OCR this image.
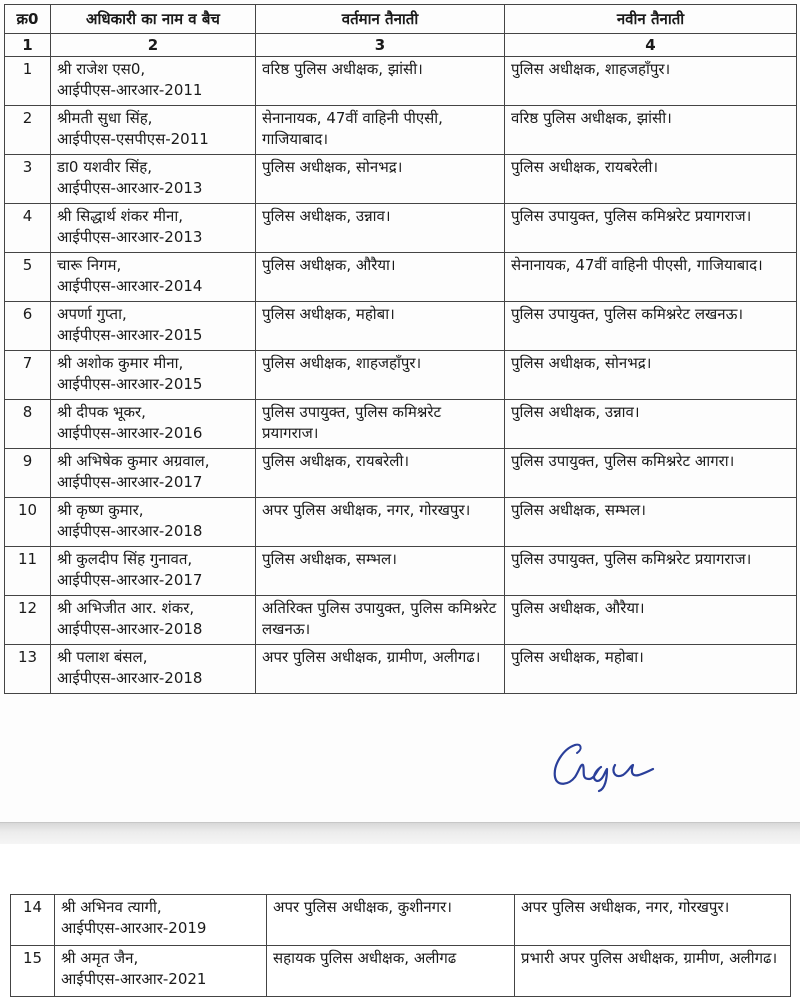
क्र0	अधिकारी का नाम व बैच	वर्तमान तैनाती	नवीन तैनाती
1	2	3	4
1	श्री राजेश एस0,
आईपीएस-आरआर-2011	वरिष्ठ पुलिस अधीक्षक, झांसी।	पुलिस अधीक्षक, शाहजहाँपुर।
2	श्रीमती सुधा सिंह,
आईपीएस-एसपीएस-2011	सेनानायक, 47वीं वाहिनी पीएसी, गाजियाबाद।	वरिष्ठ पुलिस अधीक्षक, झांसी।
3	डा0 यशवीर सिंह,
आईपीएस-आरआर-2013	पुलिस अधीक्षक, सोनभद्र।	पुलिस अधीक्षक, रायबरेली।
4	श्री सिद्धार्थ शंकर मीना,
आईपीएस-आरआर-2013	पुलिस अधीक्षक, उन्नाव।	पुलिस उपायुक्त, पुलिस कमिश्नरेट प्रयागराज।
5	चारू निगम,
आईपीएस-आरआर-2014	पुलिस अधीक्षक, औरैया।	सेनानायक, 47वीं वाहिनी पीएसी, गाजियाबाद।
6	अपर्णा गुप्ता,
आईपीएस-आरआर-2015	पुलिस अधीक्षक, महोबा।	पुलिस उपायुक्त, पुलिस कमिश्नरेट लखनऊ।
7	श्री अशोक कुमार मीना,
आईपीएस-आरआर-2015	पुलिस अधीक्षक, शाहजहाँपुर।	पुलिस अधीक्षक, सोनभद्र।
8	श्री दीपक भूकर,
आईपीएस-आरआर-2016	पुलिस उपायुक्त, पुलिस कमिश्नरेट प्रयागराज।	पुलिस अधीक्षक, उन्नाव।
9	श्री अभिषेक कुमार अग्रवाल,
आईपीएस-आरआर-2017	पुलिस अधीक्षक, रायबरेली।	पुलिस उपायुक्त, पुलिस कमिश्नरेट आगरा।
10	श्री कृष्ण कुमार,
आईपीएस-आरआर-2018	अपर पुलिस अधीक्षक, नगर, गोरखपुर।	पुलिस अधीक्षक, सम्भल।
11	श्री कुलदीप सिंह गुनावत,
आईपीएस-आरआर-2017	पुलिस अधीक्षक, सम्भल।	पुलिस उपायुक्त, पुलिस कमिश्नरेट प्रयागराज।
12	श्री अभिजीत आर. शंकर,
आईपीएस-आरआर-2018	अतिरिक्त पुलिस उपायुक्त, पुलिस कमिश्नरेट लखनऊ।	पुलिस अधीक्षक, औरैया।
13	श्री पलाश बंसल,
आईपीएस-आरआर-2018	अपर पुलिस अधीक्षक, ग्रामीण, अलीगढ।	पुलिस अधीक्षक, महोबा।
14	श्री अभिनव त्यागी,
आईपीएस-आरआर-2019	अपर पुलिस अधीक्षक, कुशीनगर।	अपर पुलिस अधीक्षक, नगर, गोरखपुर।
15	श्री अमृत जैन,
आईपीएस-आरआर-2021	सहायक पुलिस अधीक्षक, अलीगढ	प्रभारी अपर पुलिस अधीक्षक, ग्रामीण, अलीगढ।
